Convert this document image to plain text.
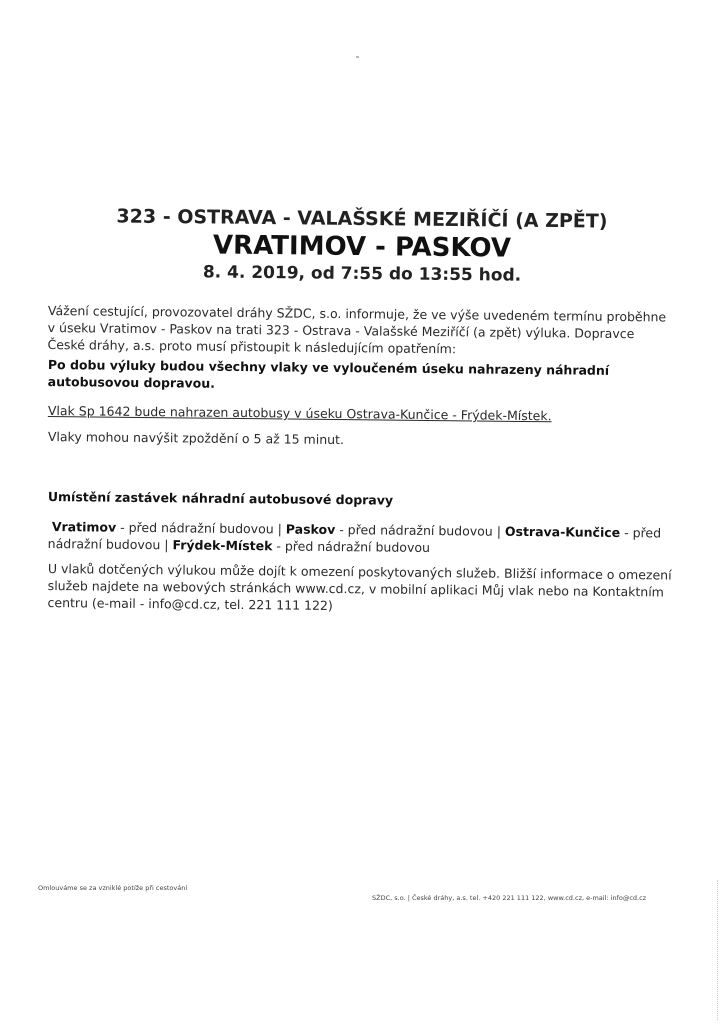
323 - OSTRAVA - VALAŠSKÉ MEZIŘÍČÍ (A ZPĚT)
VRATIMOV - PASKOV
8. 4. 2019, od 7:55 do 13:55 hod.
Vážení cestující, provozovatel dráhy SŽDC, s.o. informuje, že ve výše uvedeném termínu proběhne v úseku Vratimov - Paskov na trati 323 - Ostrava - Valašské Meziříčí (a zpět) výluka. Dopravce České dráhy, a.s. proto musí přistoupit k následujícím opatřením:
Po dobu výluky budou všechny vlaky ve vyloučeném úseku nahrazeny náhradní autobusovou dopravou.
Vlak Sp 1642 bude nahrazen autobusy v úseku Ostrava-Kunčice - Frýdek-Místek.
Vlaky mohou navýšit zpoždění o 5 až 15 minut.
Umístění zastávek náhradní autobusové dopravy
Vratimov - před nádražní budovou | Paskov - před nádražní budovou | Ostrava-Kunčice - před nádražní budovou | Frýdek-Místek - před nádražní budovou
U vlaků dotčených výlukou může dojít k omezení poskytovaných služeb. Bližší informace o omezení služeb najdete na webových stránkách www.cd.cz, v mobilní aplikaci Můj vlak nebo na Kontaktním centru (e-mail - info@cd.cz, tel. 221 111 122)
Omlouváme se za vzniklé potíže při cestování
SŽDC, s.o. | České dráhy, a.s. tel. +420 221 111 122, www.cd.cz, e-mail: info@cd.cz
